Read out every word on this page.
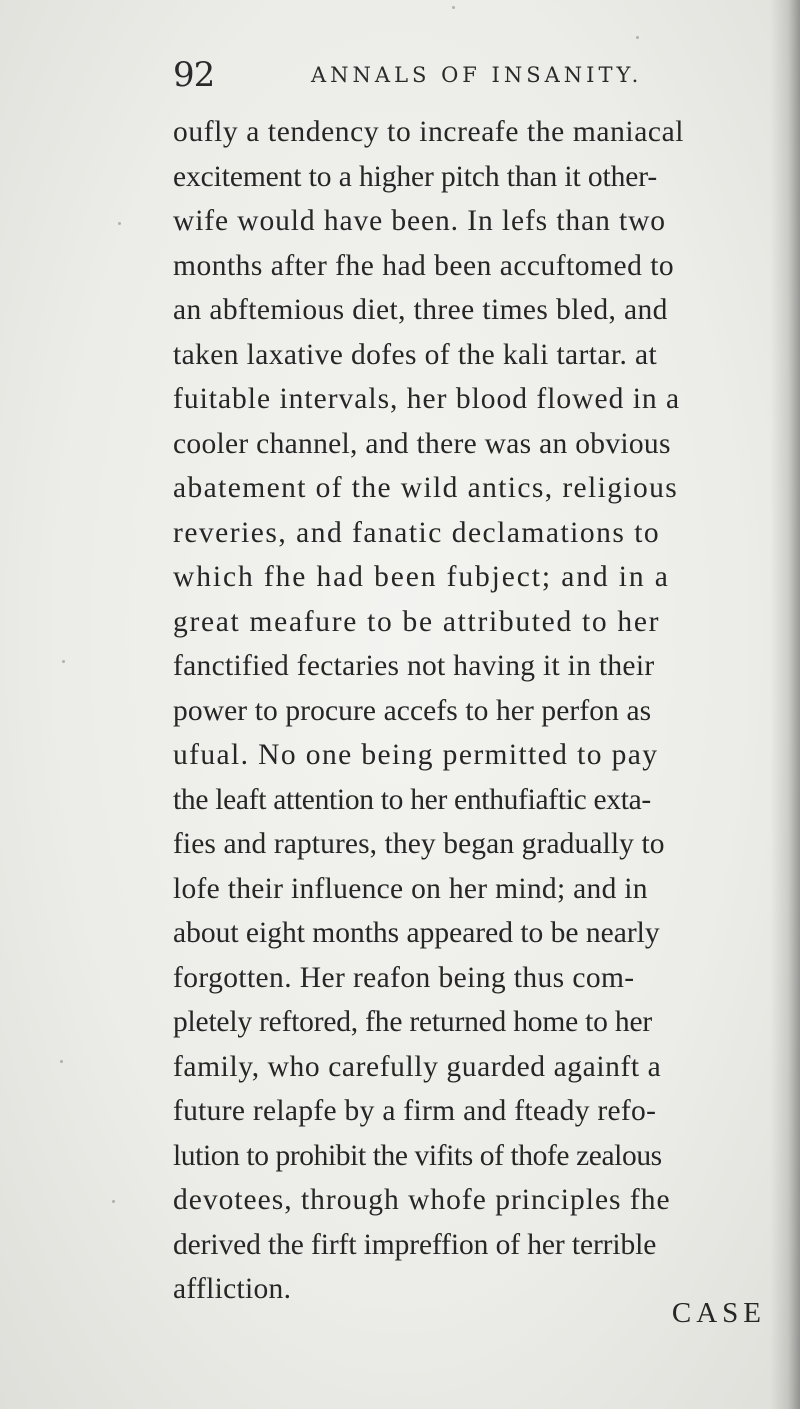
92	ANNALS OF INSANITY.
oufly a tendency to increafe the maniacal
excitement to a higher pitch than it other-
wife would have been. In lefs than two
months after fhe had been accuftomed to
an abftemious diet, three times bled, and
taken laxative dofes of the kali tartar. at
fuitable intervals, her blood flowed in a
cooler channel, and there was an obvious
abatement of the wild antics, religious
reveries, and fanatic declamations to
which fhe had been fubject; and in a
great meafure to be attributed to her
fanctified fectaries not having it in their
power to procure accefs to her perfon as
ufual. No one being permitted to pay
the leaft attention to her enthufiaftic exta-
fies and raptures, they began gradually to
lofe their influence on her mind; and in
about eight months appeared to be nearly
forgotten. Her reafon being thus com-
pletely reftored, fhe returned home to her
family, who carefully guarded againft a
future relapfe by a firm and fteady refo-
lution to prohibit the vifits of thofe zealous
devotees, through whofe principles fhe
derived the firft impreffion of her terrible
affliction.
CASE
